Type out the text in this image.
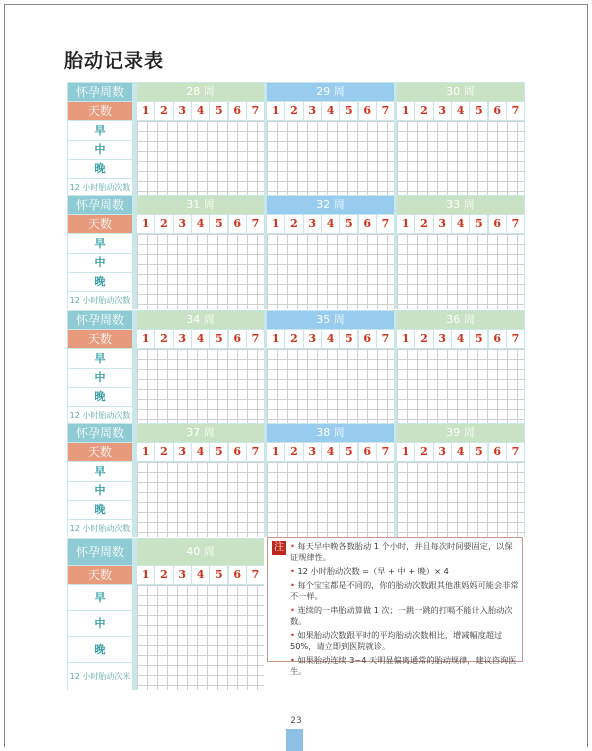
胎动记录表
怀孕周数
天数
早
中
晚
12 小时胎动次数
28 周
1 2 3 4 5 6 7
29 周
1 2 3 4 5 6 7
30 周
1 2 3 4 5 6 7
怀孕周数
天数
早
中
晚
12 小时胎动次数
31 周
1 2 3 4 5 6 7
32 周
1 2 3 4 5 6 7
33 周
1 2 3 4 5 6 7
怀孕周数
天数
早
中
晚
12 小时胎动次数
34 周
1 2 3 4 5 6 7
35 周
1 2 3 4 5 6 7
36 周
1 2 3 4 5 6 7
怀孕周数
天数
早
中
晚
12 小时胎动次数
37 周
1 2 3 4 5 6 7
38 周
1 2 3 4 5 6 7
39 周
1 2 3 4 5 6 7
怀孕周数
天数
早
中
晚
12 小时胎动次米
40 周
1 2 3 4 5 6 7
注
•	每天早中晚各数胎动 1 个小时，并且每次时间要固定，以保证规律性。
• 12 小时胎动次数 =（早 + 中 + 晚）× 4
• 每个宝宝都是不同的，你的胎动次数跟其他准妈妈可能会非常不一样。
• 连续的一串胎动算做 1 次；一跳一跳的打嗝不能计入胎动次数。
• 如果胎动次数跟平时的平均胎动次数相比，增减幅度超过 50%，请立即到医院就诊。
• 如果胎动连续 3~4 天明显偏离通常的胎动规律，建议咨询医生。
23
